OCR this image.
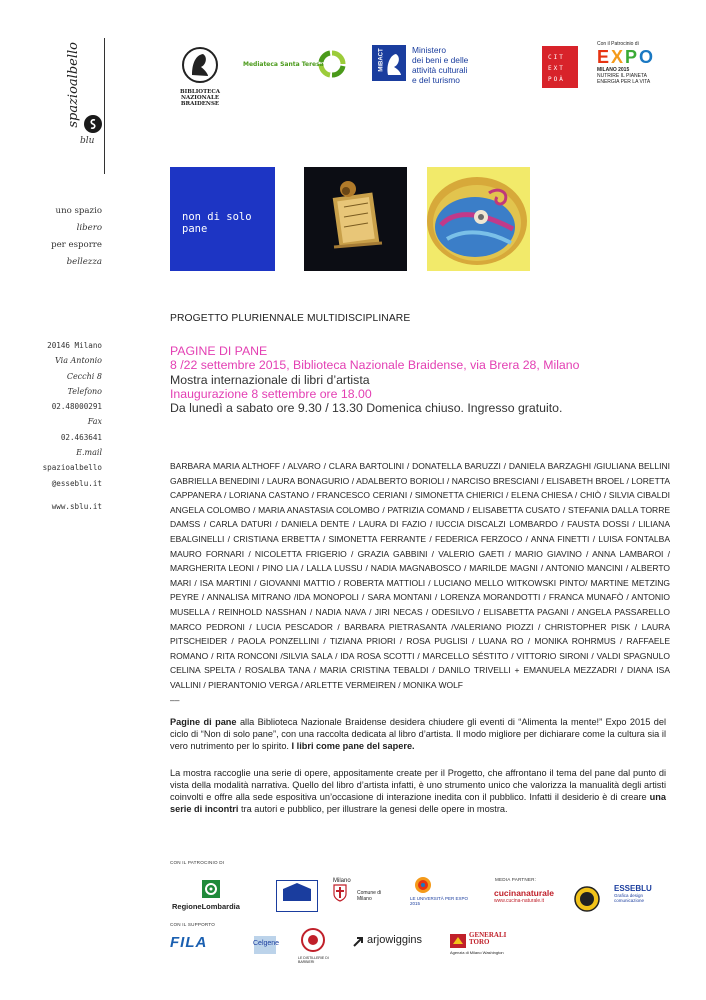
spazioalbello
blu
uno spazio
libero
per esporre
bellezza
20146 Milano
Via Antonio
Cecchi 8
Telefono
02.48000291
Fax
02.463641
E.mail
spazioalbello
@esseblu.it
www.sblu.it
BIBLIOTECA NAZIONALE
BRAIDENSE
Mediateca Santa Teresa	MiBACT	Ministero
dei beni e delle
attività culturali
e del turismo
CIT
EXT
POÀ
Con il Patrocinio di
EXPO
MILANO 2015
NUTRIRE IL PIANETA
ENERGIA PER LA VITA
non di solo pane
PROGETTO PLURIENNALE MULTIDISCIPLINARE
PAGINE DI PANE
8 /22 settembre 2015, Biblioteca Nazionale Braidense, via Brera 28, Milano
Mostra internazionale di libri d’artista
Inaugurazione 8 settembre ore 18.00
Da lunedì a sabato ore 9.30 / 13.30 Domenica chiuso. Ingresso gratuito.
BARBARA MARIA ALTHOFF / ALVARO / CLARA BARTOLINI / DONATELLA BARUZZI / DANIELA BARZAGHI /GIULIANA BELLINI GABRIELLA BENEDINI / LAURA BONAGURIO / ADALBERTO BORIOLI / NARCISO BRESCIANI / ELISABETH BROEL / LORETTA CAPPANERA / LORIANA CASTANO / FRANCESCO CERIANI / SIMONETTA CHIERICI / ELENA CHIESA / CHIÒ / SILVIA CIBALDI ANGELA COLOMBO / MARIA ANASTASIA COLOMBO / PATRIZIA COMAND / ELISABETTA CUSATO / STEFANIA DALLA TORRE DAMSS / CARLA DATURI / DANIELA DENTE / LAURA DI FAZIO / IUCCIA DISCALZI LOMBARDO / FAUSTA DOSSI / LILIANA EBALGINELLI / CRISTIANA ERBETTA / SIMONETTA FERRANTE / FEDERICA FERZOCO / ANNA FINETTI / LUISA FONTALBA MAURO FORNARI / NICOLETTA FRIGERIO / GRAZIA GABBINI / VALERIO GAETI / MARIO GIAVINO / ANNA LAMBAROI / MARGHERITA LEONI / PINO LIA / LALLA LUSSU / NADIA MAGNABOSCO / MARILDE MAGNI / ANTONIO MANCINI / ALBERTO MARI / ISA MARTINI / GIOVANNI MATTIO / ROBERTA MATTIOLI / LUCIANO MELLO WITKOWSKI PINTO/ MARTINE METZING PEYRE / ANNALISA MITRANO /IDA MONOPOLI / SARA MONTANI / LORENZA MORANDOTTI / FRANCA MUNAFÒ / ANTONIO MUSELLA / REINHOLD NASSHAN / NADIA NAVA / JIRI NECAS / ODESILVO / ELISABETTA PAGANI / ANGELA PASSARELLO MARCO PEDRONI / LUCIA PESCADOR / BARBARA PIETRASANTA /VALERIANO PIOZZI / CHRISTOPHER PISK / LAURA PITSCHEIDER / PAOLA PONZELLINI / TIZIANA PRIORI / ROSA PUGLISI / LUANA RO / MONIKA ROHRMUS / RAFFAELE ROMANO / RITA RONCONI /SILVIA SALA / IDA ROSA SCOTTI / MARCELLO SÉSTITO / VITTORIO SIRONI / VALDI SPAGNULO CELINA SPELTA / ROSALBA TANA / MARIA CRISTINA TEBALDI / DANILO TRIVELLI + EMANUELA MEZZADRI / DIANA ISA VALLINI / PIERANTONIO VERGA / ARLETTE VERMEIREN / MONIKA WOLF
––
Pagine di pane alla Biblioteca Nazionale Braidense desidera chiudere gli eventi di “Alimenta la mente!” Expo 2015 del ciclo di “Non di solo pane”, con una raccolta dedicata al libro d’artista. Il modo migliore per dichiarare come la cultura sia il vero nutrimento per lo spirito. I libri come pane del sapere.
La mostra raccoglie una serie di opere, appositamente create per il Progetto, che affrontano il tema del pane dal punto di vista della modalità narrativa. Quello del libro d’artista infatti, è uno strumento unico che valorizza la manualità degli artisti coinvolti e offre alla sede espositiva un’occasione di interazione inedita con il pubblico. Infatti il desiderio è di creare una serie di incontri tra autori e pubblico, per illustrare la genesi delle opere in mostra.
CON IL PATROCINIO DI
RegioneLombardia
Milano
Comune di Milano	LE UNIVERSITÀ PER EXPO 2015
MEDIA PARTNER:
cucinanaturale
www.cucina-naturale.it
ESSEBLU
Grafica design comunicazione
CON IL SUPPORTO
FILA	Celgene
LE DISTILLERIE DI BARBIERI
arjowiggins	GENERALI TORO
Agenzia di Milano Washington
